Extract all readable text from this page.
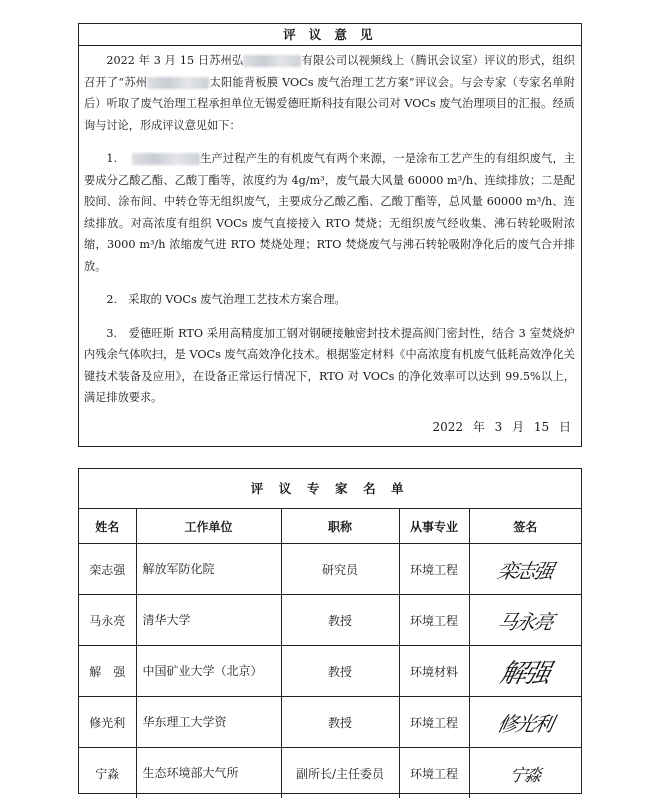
评 议 意 见

2022 年 3 月 15 日苏州弘	有限公司以视频线上（腾讯会议室）评议的形式，组织召开了“苏州	太阳能背板膜 VOCs 废气治理工艺方案”评议会。与会专家（专家名单附后）听取了废气治理工程承担单位无锡爱德旺斯科技有限公司对 VOCs 废气治理项目的汇报。经质询与讨论，形成评议意见如下：

1.	生产过程产生的有机废气有两个来源，一是涂布工艺产生的有组织废气，主要成分乙酸乙酯、乙酸丁酯等，浓度约为 4g/m³，废气最大风量 60000 m³/h、连续排放；二是配胶间、涂布间、中转仓等无组织废气，主要成分乙酸乙酯、乙酸丁酯等，总风量 60000 m³/h、连续排放。对高浓度有组织 VOCs 废气直接接入 RTO 焚烧；无组织废气经收集、沸石转轮吸附浓缩，3000 m³/h 浓缩废气进 RTO 焚烧处理；RTO 焚烧废气与沸石转轮吸附净化后的废气合并排放。

2.　采取的 VOCs 废气治理工艺技术方案合理。

3.　爱德旺斯 RTO 采用高精度加工钢对钢硬接触密封技术提高阀门密封性，结合 3 室焚烧炉内残余气体吹扫，是 VOCs 废气高效净化技术。根据鉴定材料《中高浓度有机废气低耗高效净化关键技术装备及应用》，在设备正常运行情况下，RTO 对 VOCs 的净化效率可以达到 99.5%以上，满足排放要求。

2022 年 3 月 15 日
评 议 专 家 名 单
姓名	工作单位	职称	从事专业	签名
栾志强	解放军防化院	研究员	环境工程	栾志强
马永亮	清华大学	教授	环境工程	马永亮
解　强	中国矿业大学（北京）	教授	环境材料	解强
修光利	华东理工大学资	教授	环境工程	修光利
宁淼	生态环境部大气所	副所长/主任委员	环境工程	宁淼
